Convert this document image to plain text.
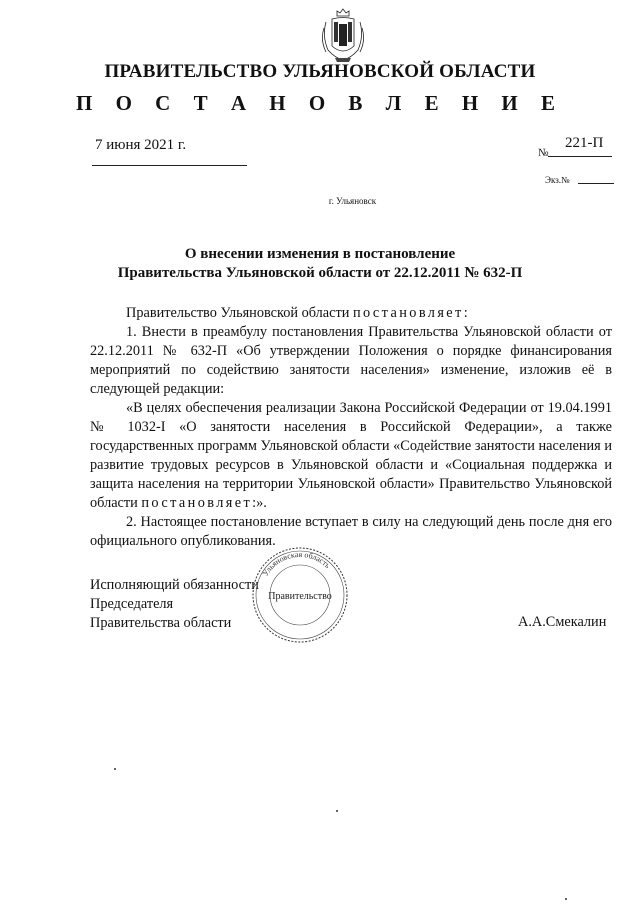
ПРАВИТЕЛЬСТВО УЛЬЯНОВСКОЙ ОБЛАСТИ
П О С Т А Н О В Л Е Н И Е
7 июня 2021 г.	№
221-П
Экз.№
г. Ульяновск
О внесении изменения в постановление
Правительства Ульяновской области от 22.12.2011 № 632-П

Правительство Ульяновской области постановляет:

1. Внести в преамбулу постановления Правительства Ульяновской области от 22.12.2011 № 632-П «Об утверждении Положения о порядке финансирования мероприятий по содействию занятости населения» изменение, изложив её в следующей редакции:

«В целях обеспечения реализации Закона Российской Федерации от 19.04.1991 № 1032-I «О занятости населения в Российской Федерации», а также государственных программ Ульяновской области «Содействие занятости населения и развитие трудовых ресурсов в Ульяновской области и «Социальная поддержка и защита населения на территории Ульяновской области» Правительство Ульяновской области постановляет:».

2. Настоящее постановление вступает в силу на следующий день после дня его официального опубликования.

Исполняющий обязанности
Председателя
Правительства области	А.А.Смекалин
Ульяновская область
Правительство
